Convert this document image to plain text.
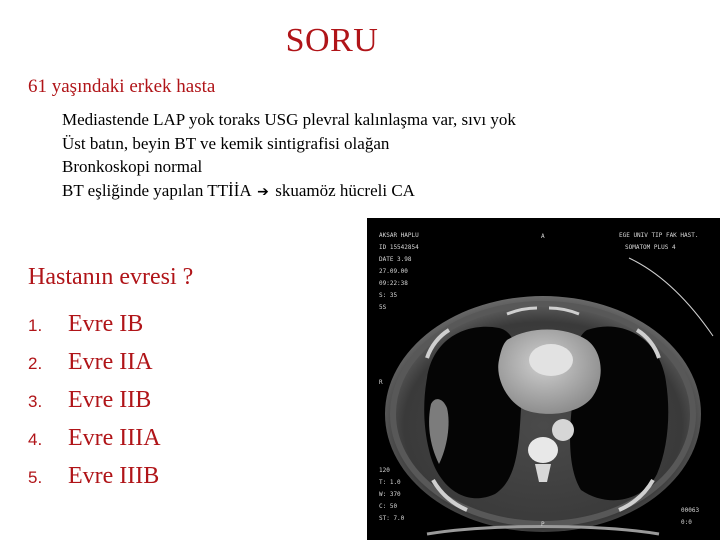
SORU
61 yaşındaki erkek hasta
Mediastende LAP yok toraks USG plevral kalınlaşma var, sıvı yok
Üst batın, beyin BT ve kemik sintigrafisi olağan
Bronkoskopi normal
BT eşliğinde yapılan TTİİA ➔ skuamöz hücreli CA
Hastanın evresi ?
1. Evre IB
2. Evre IIA
3. Evre IIB
4. Evre IIIA
5. Evre IIIB
AKSAR HAPLU
ID 15542854
DATE 3.98
27.09.00
09:22:38
S: 35
5S
EGE UNIV TIP FAK HAST.
SOMATOM PLUS 4
A
R
P
120
T: 1.0
W: 370
C: 50
ST: 7.0
00063
0:0
